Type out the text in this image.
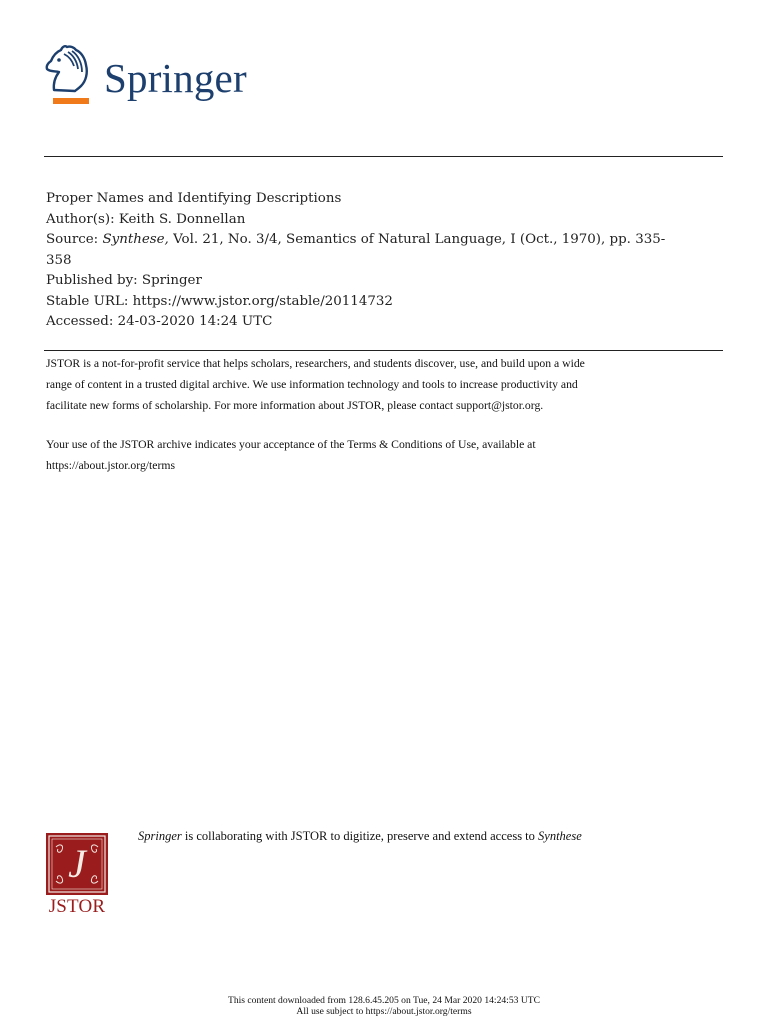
Springer

Proper Names and Identifying Descriptions

Author(s): Keith S. Donnellan

Source: Synthese, Vol. 21, No. 3/4, Semantics of Natural Language, I (Oct., 1970), pp. 335-

358

Published by: Springer

Stable URL: https://www.jstor.org/stable/20114732

Accessed: 24-03-2020 14:24 UTC

JSTOR is a not-for-profit service that helps scholars, researchers, and students discover, use, and build upon a wide

range of content in a trusted digital archive. We use information technology and tools to increase productivity and

facilitate new forms of scholarship. For more information about JSTOR, please contact support@jstor.org.

Your use of the JSTOR archive indicates your acceptance of the Terms & Conditions of Use, available at

https://about.jstor.org/terms

J
JSTOR
Springer is collaborating with JSTOR to digitize, preserve and extend access to Synthese
This content downloaded from 128.6.45.205 on Tue, 24 Mar 2020 14:24:53 UTC
All use subject to https://about.jstor.org/terms
